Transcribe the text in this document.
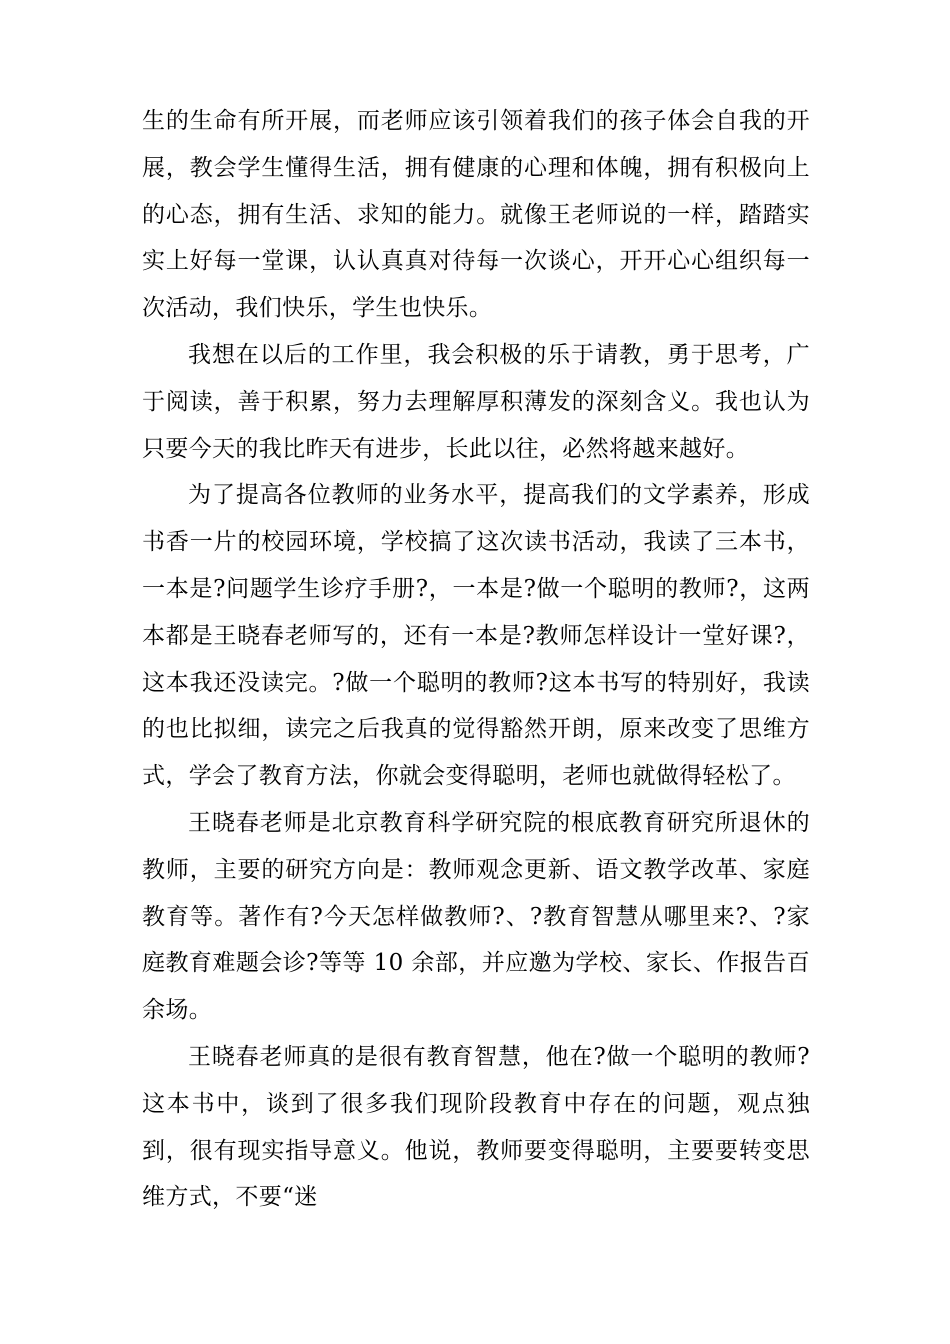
生的生命有所开展，而老师应该引领着我们的孩子体会自我的开展，教会学生懂得生活，拥有健康的心理和体魄，拥有积极向上的心态，拥有生活、求知的能力。就像王老师说的一样，踏踏实实上好每一堂课，认认真真对待每一次谈心，开开心心组织每一次活动，我们快乐，学生也快乐。

我想在以后的工作里，我会积极的乐于请教，勇于思考，广于阅读，善于积累，努力去理解厚积薄发的深刻含义。我也认为只要今天的我比昨天有进步，长此以往，必然将越来越好。

为了提高各位教师的业务水平，提高我们的文学素养，形成书香一片的校园环境，学校搞了这次读书活动，我读了三本书，一本是?问题学生诊疗手册?，一本是?做一个聪明的教师?，这两本都是王晓春老师写的，还有一本是?教师怎样设计一堂好课?，这本我还没读完。?做一个聪明的教师?这本书写的特别好，我读的也比拟细，读完之后我真的觉得豁然开朗，原来改变了思维方式，学会了教育方法，你就会变得聪明，老师也就做得轻松了。

王晓春老师是北京教育科学研究院的根底教育研究所退休的教师，主要的研究方向是：教师观念更新、语文教学改革、家庭教育等。著作有?今天怎样做教师?、?教育智慧从哪里来?、?家庭教育难题会诊?等等 10 余部，并应邀为学校、家长、作报告百余场。

王晓春老师真的是很有教育智慧，他在?做一个聪明的教师?这本书中，谈到了很多我们现阶段教育中存在的问题，观点独到，很有现实指导意义。他说，教师要变得聪明，主要要转变思维方式，不要“迷
